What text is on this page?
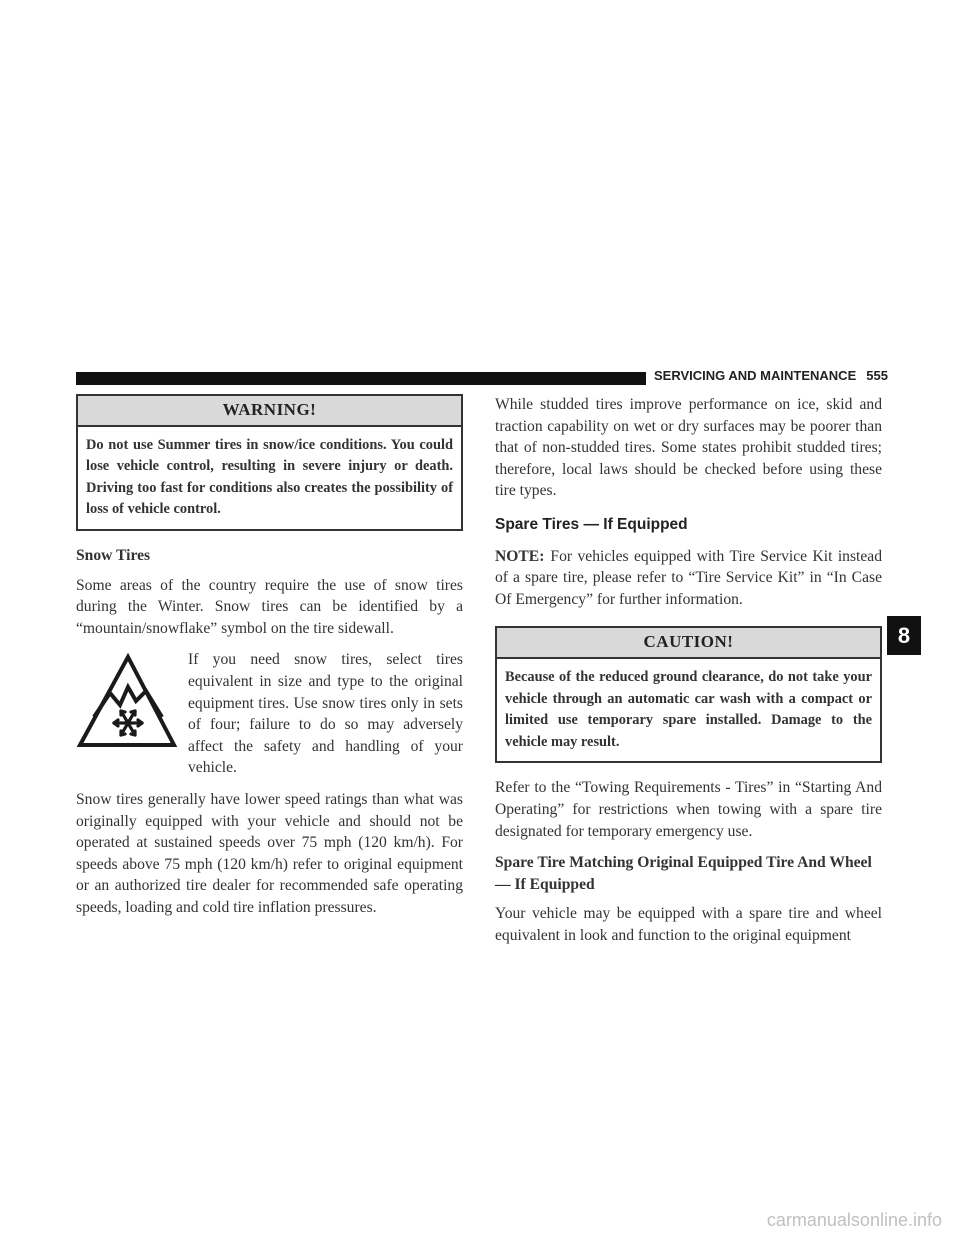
SERVICING AND MAINTENANCE 555
WARNING!
Do not use Summer tires in snow/ice conditions. You could lose vehicle control, resulting in severe injury or death. Driving too fast for conditions also creates the possibility of loss of vehicle control.
Snow Tires

Some areas of the country require the use of snow tires during the Winter. Snow tires can be identified by a “mountain/snowflake” symbol on the tire sidewall.

If you need snow tires, select tires equivalent in size and type to the original equipment tires. Use snow tires only in sets of four; failure to do so may adversely affect the safety and handling of your vehicle.

Snow tires generally have lower speed ratings than what was originally equipped with your vehicle and should not be operated at sustained speeds over 75 mph (120 km/h). For speeds above 75 mph (120 km/h) refer to original equipment or an authorized tire dealer for recommended safe operating speeds, loading and cold tire inflation pressures.

While studded tires improve performance on ice, skid and traction capability on wet or dry surfaces may be poorer than that of non-studded tires. Some states prohibit studded tires; therefore, local laws should be checked before using these tire types.

Spare Tires — If Equipped

NOTE: For vehicles equipped with Tire Service Kit instead of a spare tire, please refer to “Tire Service Kit” in “In Case Of Emergency” for further information.

CAUTION!
Because of the reduced ground clearance, do not take your vehicle through an automatic car wash with a compact or limited use temporary spare installed. Damage to the vehicle may result.

Refer to the “Towing Requirements - Tires” in “Starting And Operating” for restrictions when towing with a spare tire designated for temporary emergency use.

Spare Tire Matching Original Equipped Tire And Wheel — If Equipped

Your vehicle may be equipped with a spare tire and wheel equivalent in look and function to the original equipment

8
carmanualsonline.info
